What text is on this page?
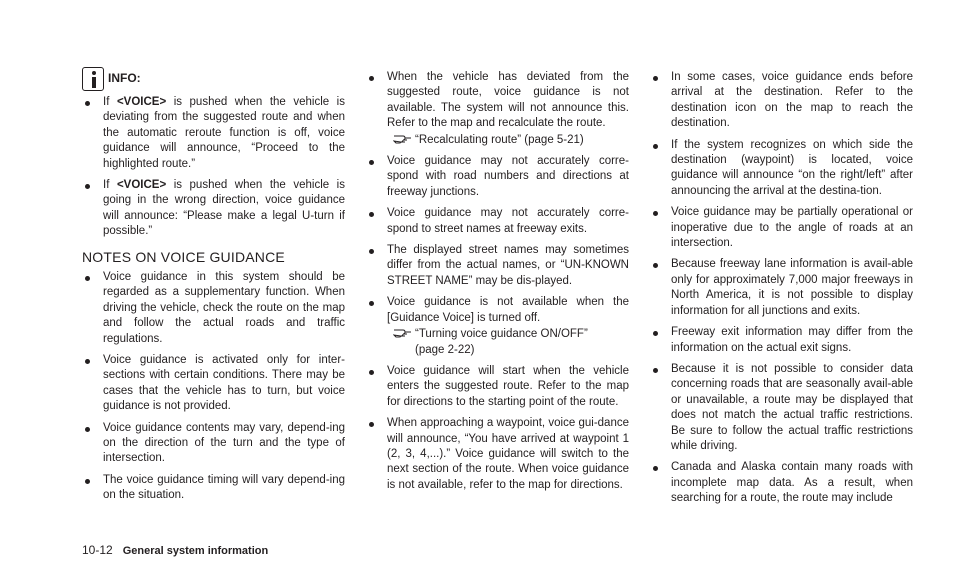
INFO:
If <VOICE> is pushed when the vehicle is deviating from the suggested route and when the automatic reroute function is off, voice guidance will announce, “Proceed to the highlighted route.”
If <VOICE> is pushed when the vehicle is going in the wrong direction, voice guidance will announce: “Please make a legal U-turn if possible.”
NOTES ON VOICE GUIDANCE
Voice guidance in this system should be regarded as a supplementary function. When driving the vehicle, check the route on the map and follow the actual roads and traffic regulations.
Voice guidance is activated only for inter-sections with certain conditions. There may be cases that the vehicle has to turn, but voice guidance is not provided.
Voice guidance contents may vary, depend-ing on the direction of the turn and the type of intersection.
The voice guidance timing will vary depend-ing on the situation.
When the vehicle has deviated from the suggested route, voice guidance is not available. The system will not announce this. Refer to the map and recalculate the route.
“Recalculating route” (page 5-21)
Voice guidance may not accurately corre-spond with road numbers and directions at freeway junctions.
Voice guidance may not accurately corre-spond to street names at freeway exits.
The displayed street names may sometimes differ from the actual names, or “UN-KNOWN STREET NAME” may be dis-played.
Voice guidance is not available when the [Guidance Voice] is turned off.
“Turning voice guidance ON/OFF”
(page 2-22)
Voice guidance will start when the vehicle enters the suggested route. Refer to the map for directions to the starting point of the route.
When approaching a waypoint, voice gui-dance will announce, “You have arrived at waypoint 1 (2, 3, 4,...).” Voice guidance will switch to the next section of the route. When voice guidance is not available, refer to the map for directions.
In some cases, voice guidance ends before arrival at the destination. Refer to the destination icon on the map to reach the destination.
If the system recognizes on which side the destination (waypoint) is located, voice guidance will announce “on the right/left” after announcing the arrival at the destina-tion.
Voice guidance may be partially operational or inoperative due to the angle of roads at an intersection.
Because freeway lane information is avail-able only for approximately 7,000 major freeways in North America, it is not possible to display information for all junctions and exits.
Freeway exit information may differ from the information on the actual exit signs.
Because it is not possible to consider data concerning roads that are seasonally avail-able or unavailable, a route may be displayed that does not match the actual traffic restrictions. Be sure to follow the actual traffic restrictions while driving.
Canada and Alaska contain many roads with incomplete map data. As a result, when searching for a route, the route may include
10-12 General system information
